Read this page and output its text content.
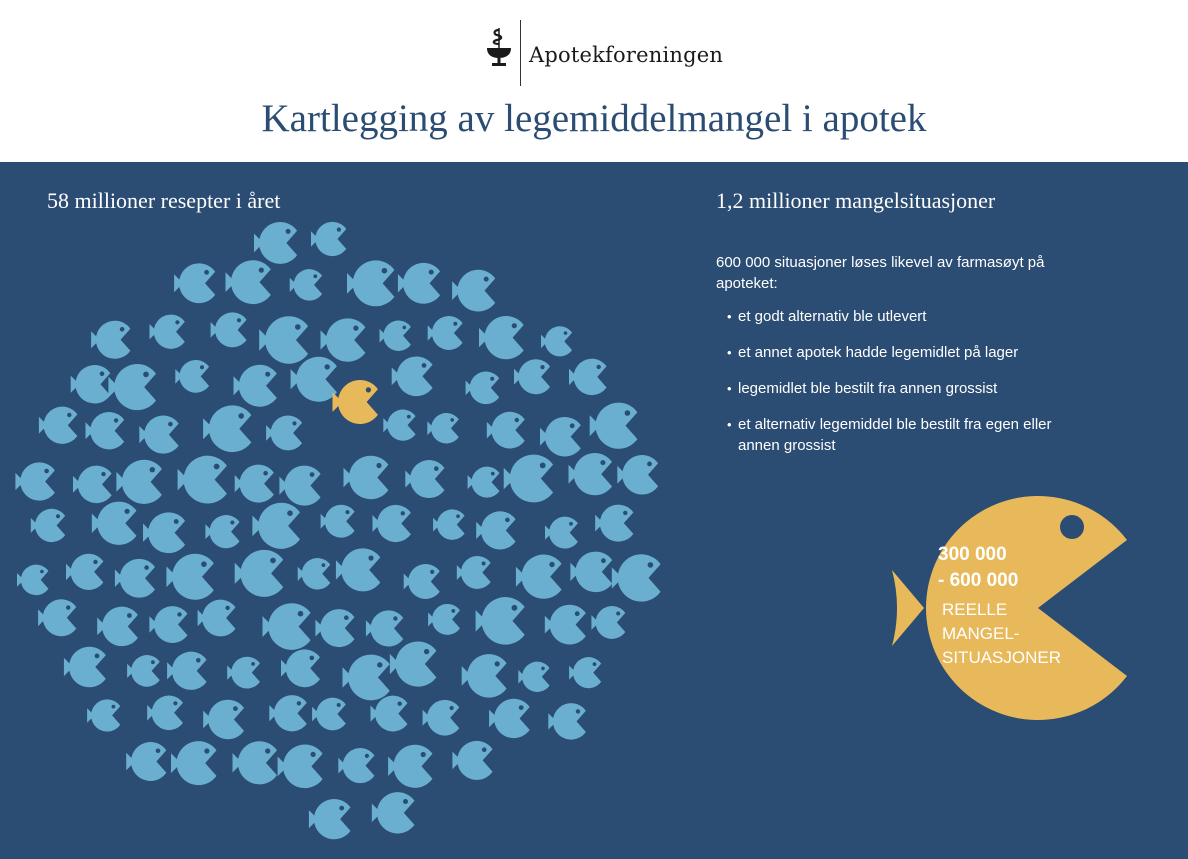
Apotekforeningen
Kartlegging av legemiddelmangel i apotek
58 millioner resepter i året	1,2 millioner mangelsituasjoner
600 000 situasjoner løses likevel av farmasøyt på apoteket:
• et godt alternativ ble utlevert
• et annet apotek hadde legemidlet på lager
• legemidlet ble bestilt fra annen grossist
• et alternativ legemiddel ble bestilt fra egen eller annen grossist
300 000
- 600 000
REELLE
MANGEL-
SITUASJONER
